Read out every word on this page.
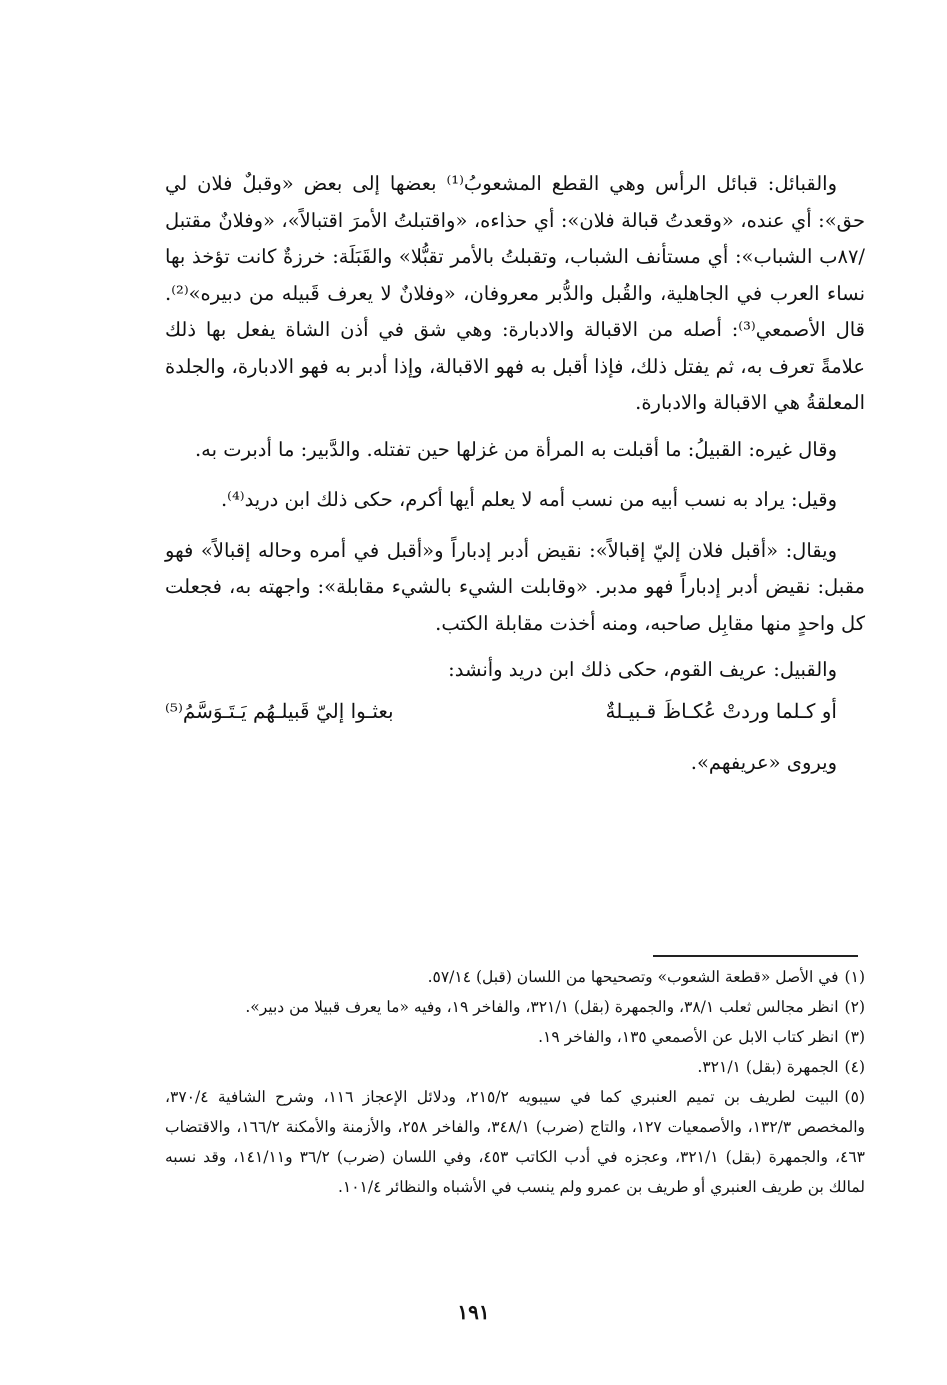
والقبائل: قبائل الرأس وهي القطع المشعوبُ⁽¹⁾ بعضها إلى بعض «وقبلٌ فلان لي حق»: أي عنده، «وقعدتُ قبالة فلان»: أي حذاءه، «واقتبلتُ الأمرَ اقتبالاً»، «وفلانٌ مقتبل /٨٧ب الشباب»: أي مستأنف الشباب، وتقبلتُ بالأمر تقبُّلا» والقَبَلَة: خرزةٌ كانت تؤخذ بها نساء العرب في الجاهلية، والقُبل والدُّبر معروفان، «وفلانٌ لا يعرف قَبيله من دبيره»⁽²⁾. قال الأصمعي⁽³⁾: أصله من الاقبالة والادبارة: وهي شق في أذن الشاة يفعل بها ذلك علامةً تعرف به، ثم يفتل ذلك، فإذا أقبل به فهو الاقبالة، وإذا أدبر به فهو الادبارة، والجلدة المعلقةُ هي الاقبالة والادبارة.

وقال غيره: القبيلُ: ما أقبلت به المرأة من غزلها حين تفتله. والدَّبير: ما أدبرت به.

وقيل: يراد به نسب أبيه من نسب أمه لا يعلم أيها أكرم، حكى ذلك ابن دريد⁽⁴⁾.

ويقال: «أقبل فلان إليّ إقبالاً»: نقيض أدبر إدباراً و«أقبل في أمره وحاله إقبالاً» فهو مقبل: نقيض أدبر إدباراً فهو مدبر. «وقابلت الشيء بالشيء مقابلة»: واجهته به، فجعلت كل واحدٍ منها مقابِل صاحبه، ومنه أخذت مقابلة الكتب.

والقبيل: عريف القوم، حكى ذلك ابن دريد وأنشد:

أو كـلما وردتْ عُكـاظَ قـبيـلةٌ
بعثـوا إليّ قَبيلـهُم يَـتَـوَسَّمُ⁽⁵⁾

ويروى «عريفهم».

(١)في الأصل «قطعة الشعوب» وتصحيحها من اللسان (قبل) ٥٧/١٤.

(٢)انظر مجالس ثعلب ٣٨/١، والجمهرة (بقل) ٣٢١/١، والفاخر ١٩، وفيه «ما يعرف قبيلا من دبير».

(٣)انظر كتاب الابل عن الأصمعي ١٣٥، والفاخر ١٩.

(٤)الجمهرة (بقل) ٣٢١/١.

(٥)البيت لطريف بن تميم العنبري كما في سيبويه ٢١٥/٢، ودلائل الإعجاز ١١٦، وشرح الشافية ٣٧٠/٤، والمخصص ١٣٢/٣، والأصمعيات ١٢٧، والتاج (ضرب) ٣٤٨/١، والفاخر ٢٥٨، والأزمنة والأمكنة ١٦٦/٢، والاقتضاب ٤٦٣، والجمهرة (بقل) ٣٢١/١، وعجزه في أدب الكاتب ٤٥٣، وفي اللسان (ضرب) ٣٦/٢ و١٤١/١١، وقد نسبه لمالك بن طريف العنبري أو طريف بن عمرو ولم ينسب في الأشباه والنظائر ١٠١/٤.

١٩١
